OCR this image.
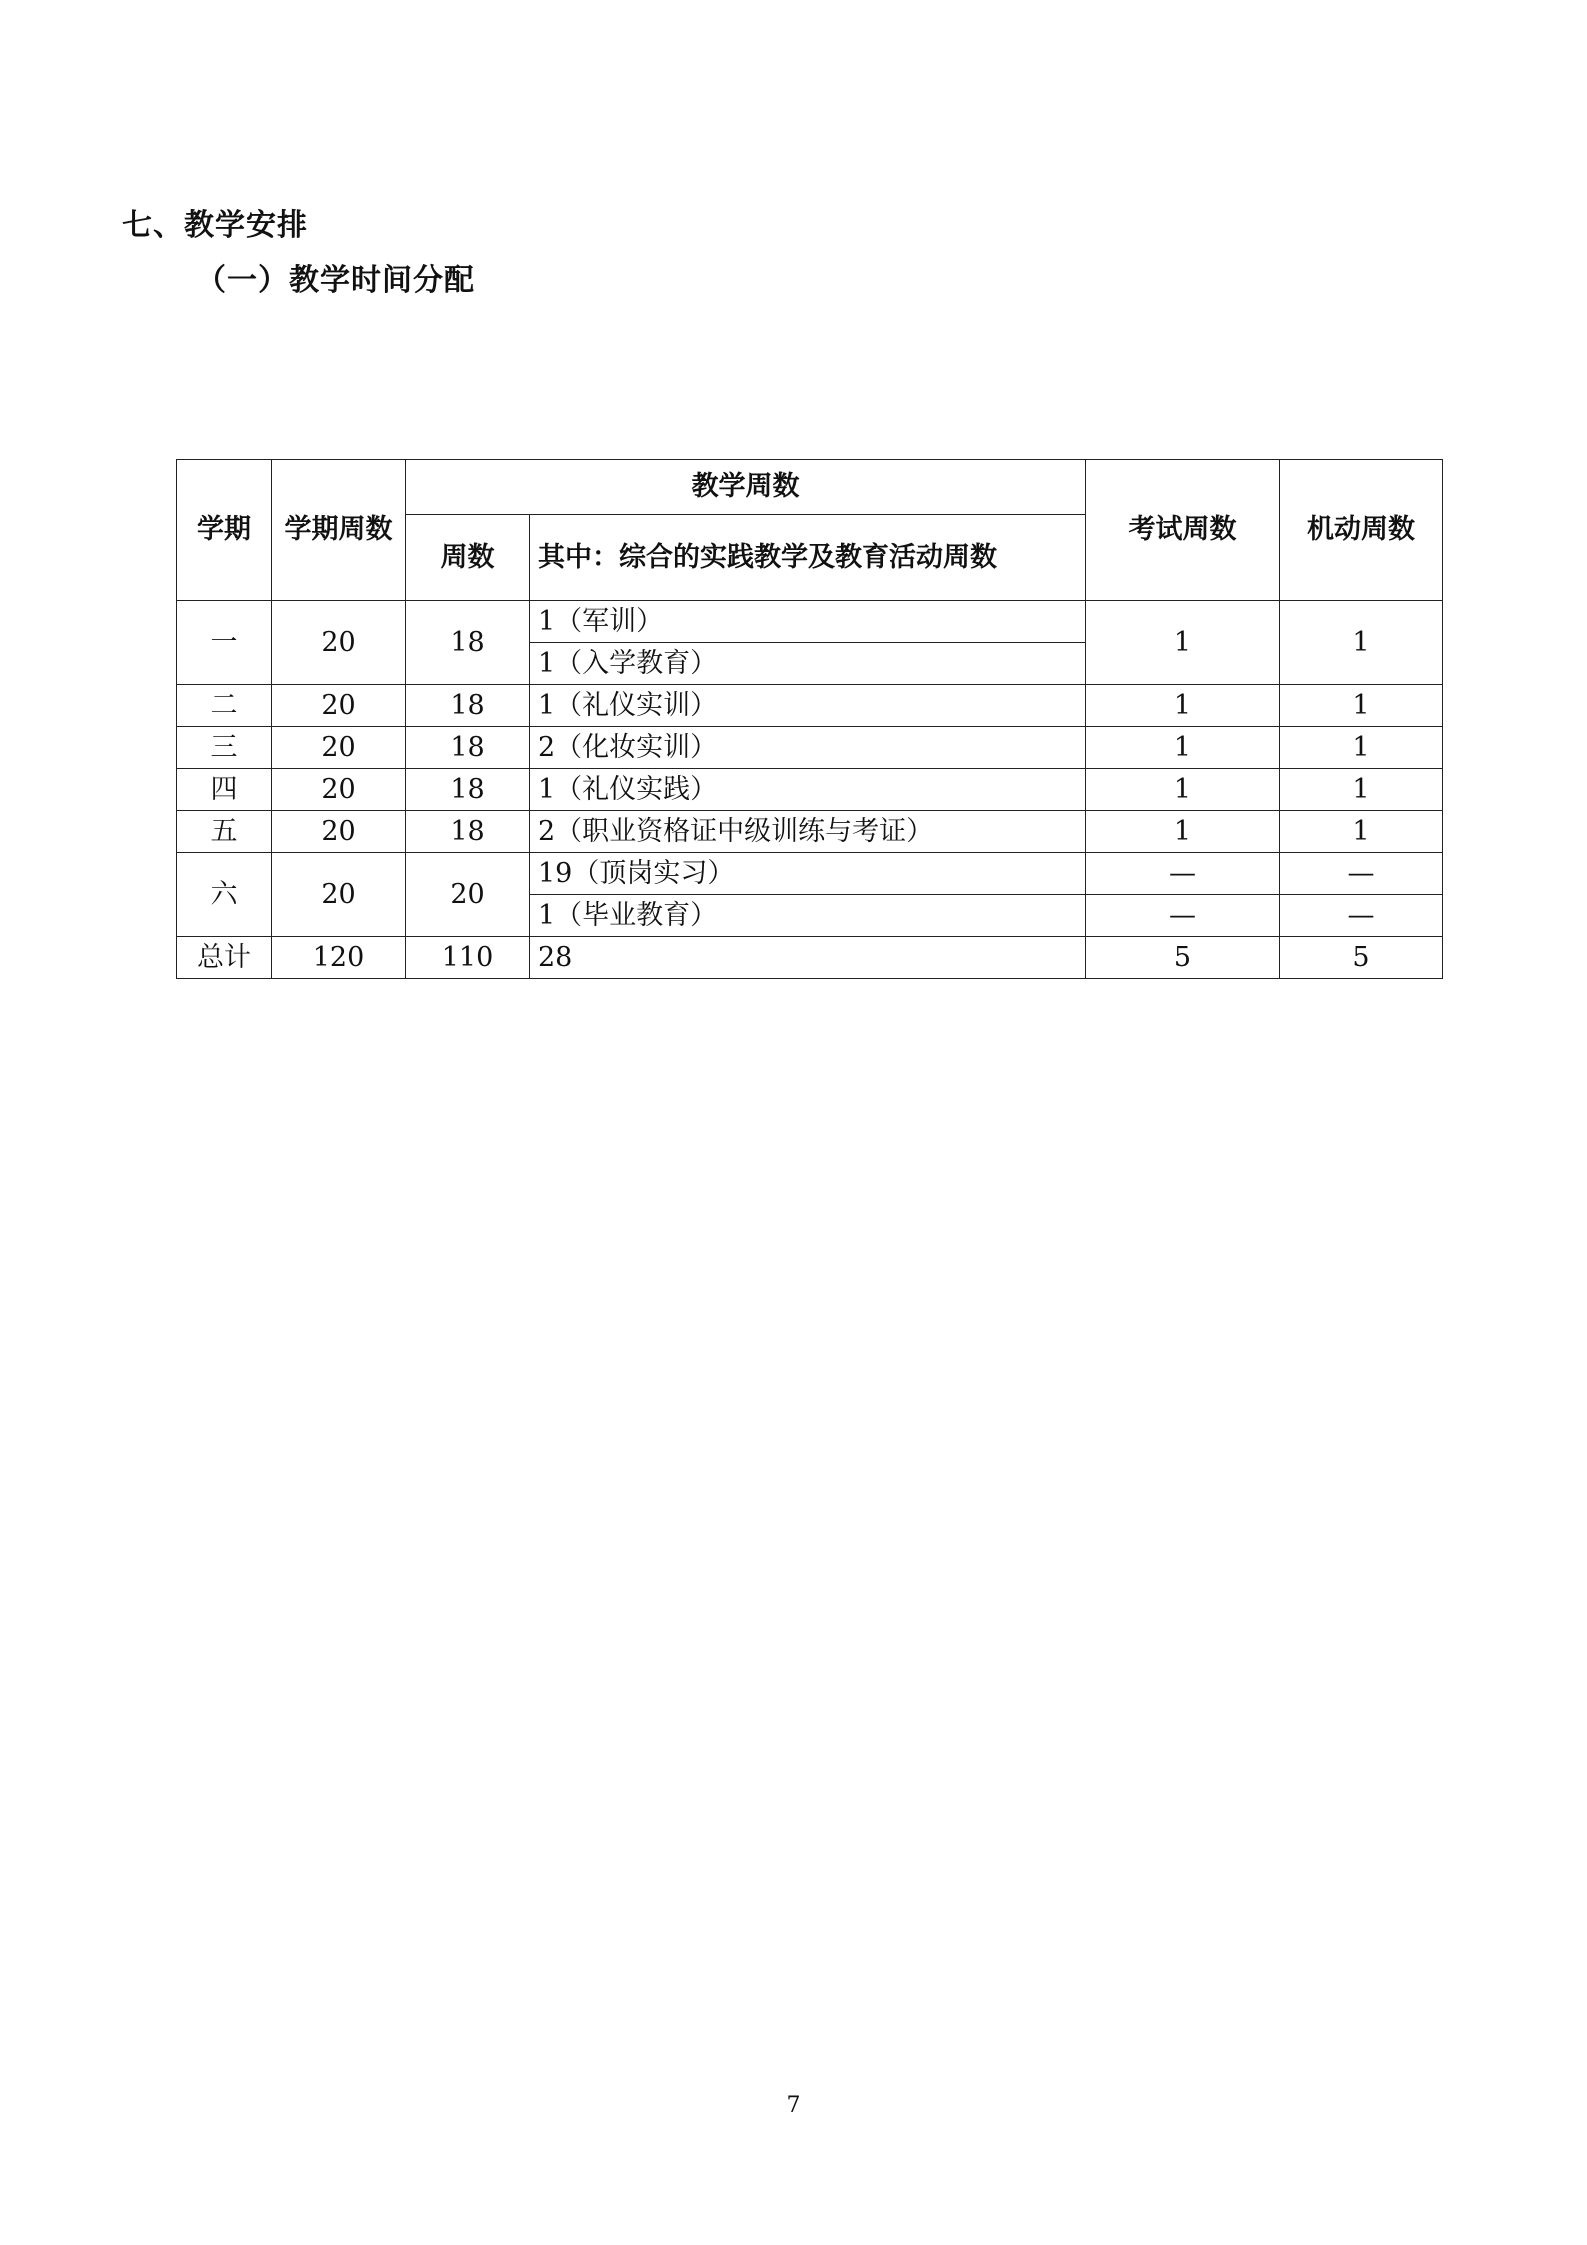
七、教学安排
（一）教学时间分配
学期	学期周数	教学周数		考试周数	机动周数
		周数	其中：综合的实践教学及教育活动周数		
一	20	18	1（军训）	1	1
			1（入学教育）		
二	20	18	1（礼仪实训）	1	1
三	20	18	2（化妆实训）	1	1
四	20	18	1（礼仪实践）	1	1
五	20	18	2（职业资格证中级训练与考证）	1	1
六	20	20	19（顶岗实习）	—	—
			1（毕业教育）	—	—
总计	120	110	28	5	5
7
